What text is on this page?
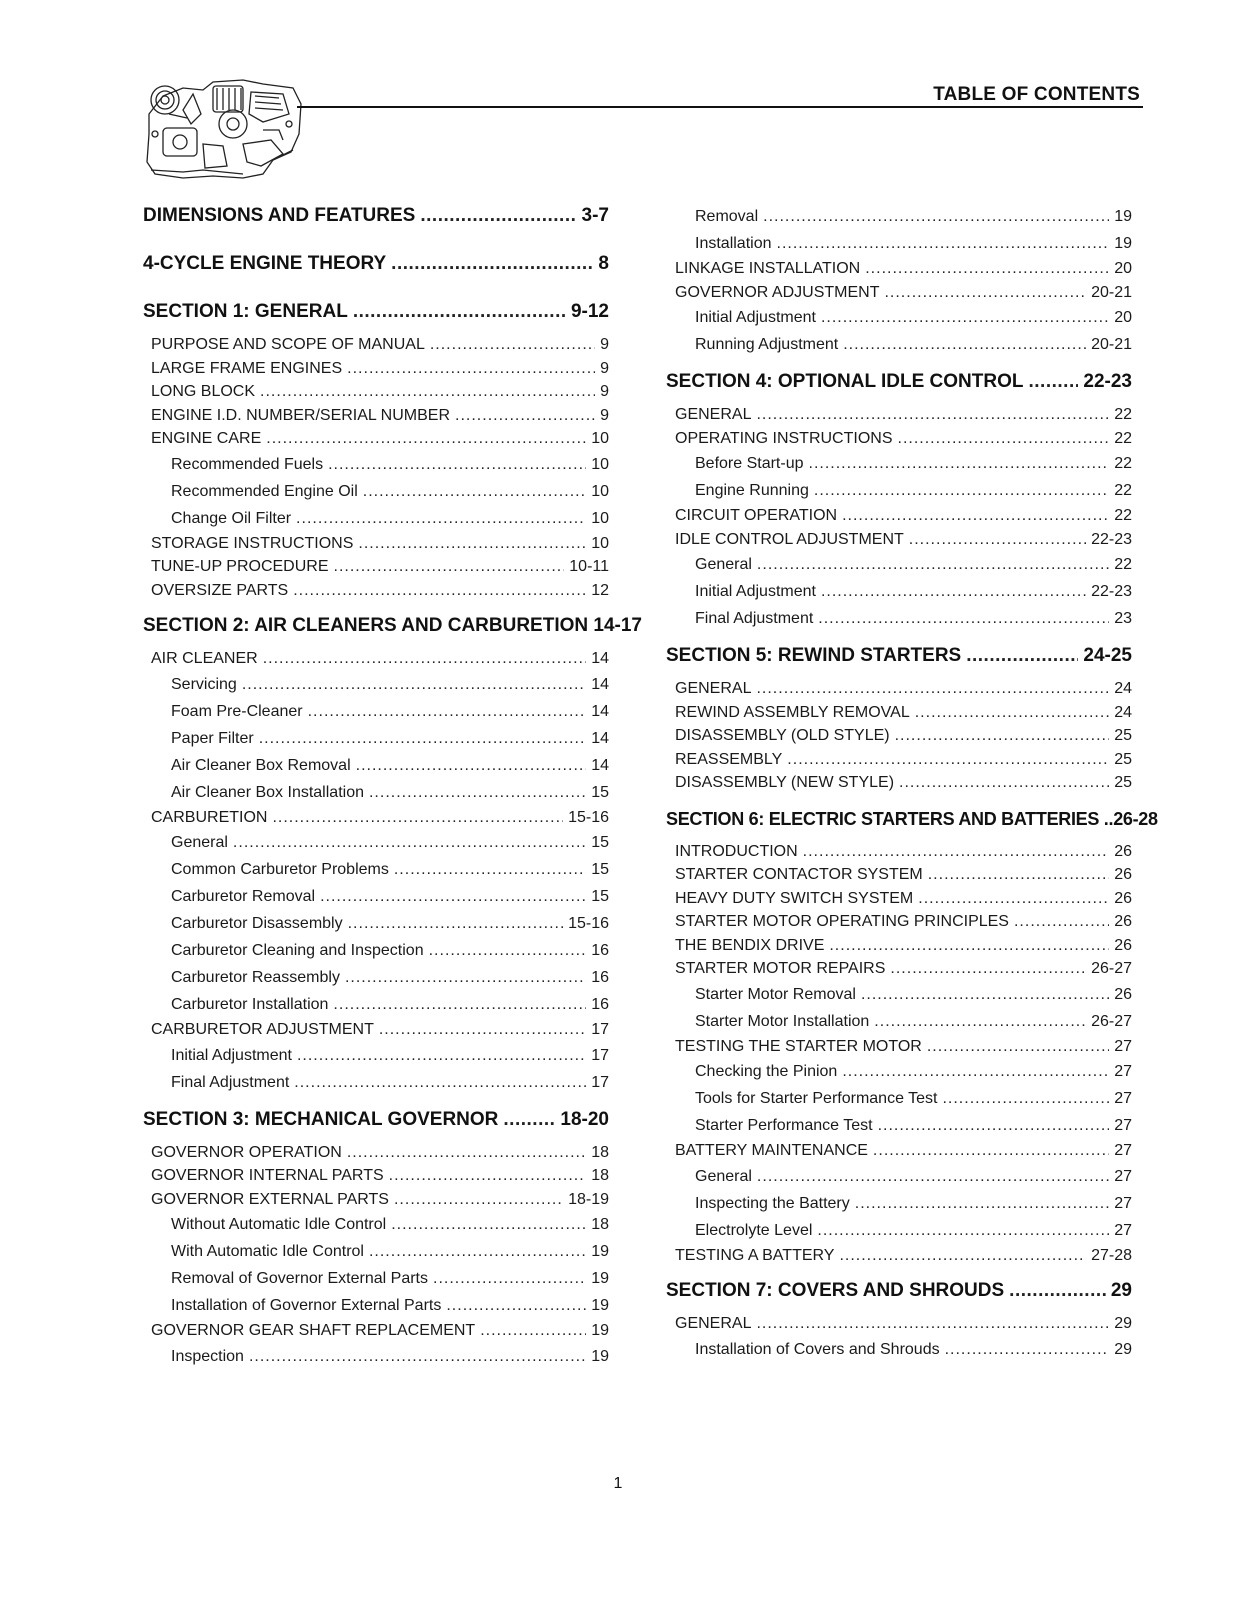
TABLE OF CONTENTS
DIMENSIONS AND FEATURES .....	3-7
4-CYCLE ENGINE THEORY .....	8
SECTION 1: GENERAL .....	9-12
PURPOSE AND SCOPE OF MANUAL .....	9
LARGE FRAME ENGINES .....	9
LONG BLOCK .....	9
ENGINE I.D. NUMBER/SERIAL NUMBER .....	9
ENGINE CARE .....	10
Recommended Fuels .....	10
Recommended Engine Oil .....	10
Change Oil Filter .....	10
STORAGE INSTRUCTIONS .....	10
TUNE-UP PROCEDURE .....	10-11
OVERSIZE PARTS .....	12
SECTION 2: AIR CLEANERS AND CARBURETION 14-17
AIR CLEANER .....	14
Servicing .....	14
Foam Pre-Cleaner .....	14
Paper Filter .....	14
Air Cleaner Box Removal .....	14
Air Cleaner Box Installation .....	15
CARBURETION .....	15-16
General .....	15
Common Carburetor Problems .....	15
Carburetor Removal .....	15
Carburetor Disassembly .....	15-16
Carburetor Cleaning and Inspection .....	16
Carburetor Reassembly .....	16
Carburetor Installation .....	16
CARBURETOR ADJUSTMENT .....	17
Initial Adjustment .....	17
Final Adjustment .....	17
SECTION 3: MECHANICAL GOVERNOR .....	18-20
GOVERNOR OPERATION .....	18
GOVERNOR INTERNAL PARTS .....	18
GOVERNOR EXTERNAL PARTS .....	18-19
Without Automatic Idle Control .....	18
With Automatic Idle Control .....	19
Removal of Governor External Parts .....	19
Installation of Governor External Parts .....	19
GOVERNOR GEAR SHAFT REPLACEMENT .....	19
Inspection .....	19
Removal .....	19
Installation .....	19
LINKAGE INSTALLATION .....	20
GOVERNOR ADJUSTMENT .....	20-21
Initial Adjustment .....	20
Running Adjustment .....	20-21
SECTION 4: OPTIONAL IDLE CONTROL .....	22-23
GENERAL .....	22
OPERATING INSTRUCTIONS .....	22
Before Start-up .....	22
Engine Running .....	22
CIRCUIT OPERATION .....	22
IDLE CONTROL ADJUSTMENT .....	22-23
General .....	22
Initial Adjustment .....	22-23
Final Adjustment .....	23
SECTION 5: REWIND STARTERS .....	24-25
GENERAL .....	24
REWIND ASSEMBLY REMOVAL .....	24
DISASSEMBLY (OLD STYLE) .....	25
REASSEMBLY .....	25
DISASSEMBLY (NEW STYLE) .....	25
SECTION 6: ELECTRIC STARTERS AND BATTERIES ..26-28
INTRODUCTION .....	26
STARTER CONTACTOR SYSTEM .....	26
HEAVY DUTY SWITCH SYSTEM .....	26
STARTER MOTOR OPERATING PRINCIPLES .....	26
THE BENDIX DRIVE .....	26
STARTER MOTOR REPAIRS .....	26-27
Starter Motor Removal .....	26
Starter Motor Installation .....	26-27
TESTING THE STARTER MOTOR .....	27
Checking the Pinion .....	27
Tools for Starter Performance Test .....	27
Starter Performance Test .....	27
BATTERY MAINTENANCE .....	27
General .....	27
Inspecting the Battery .....	27
Electrolyte Level .....	27
TESTING A BATTERY .....	27-28
SECTION 7: COVERS AND SHROUDS .....	29
GENERAL .....	29
Installation of Covers and Shrouds .....	29
1
